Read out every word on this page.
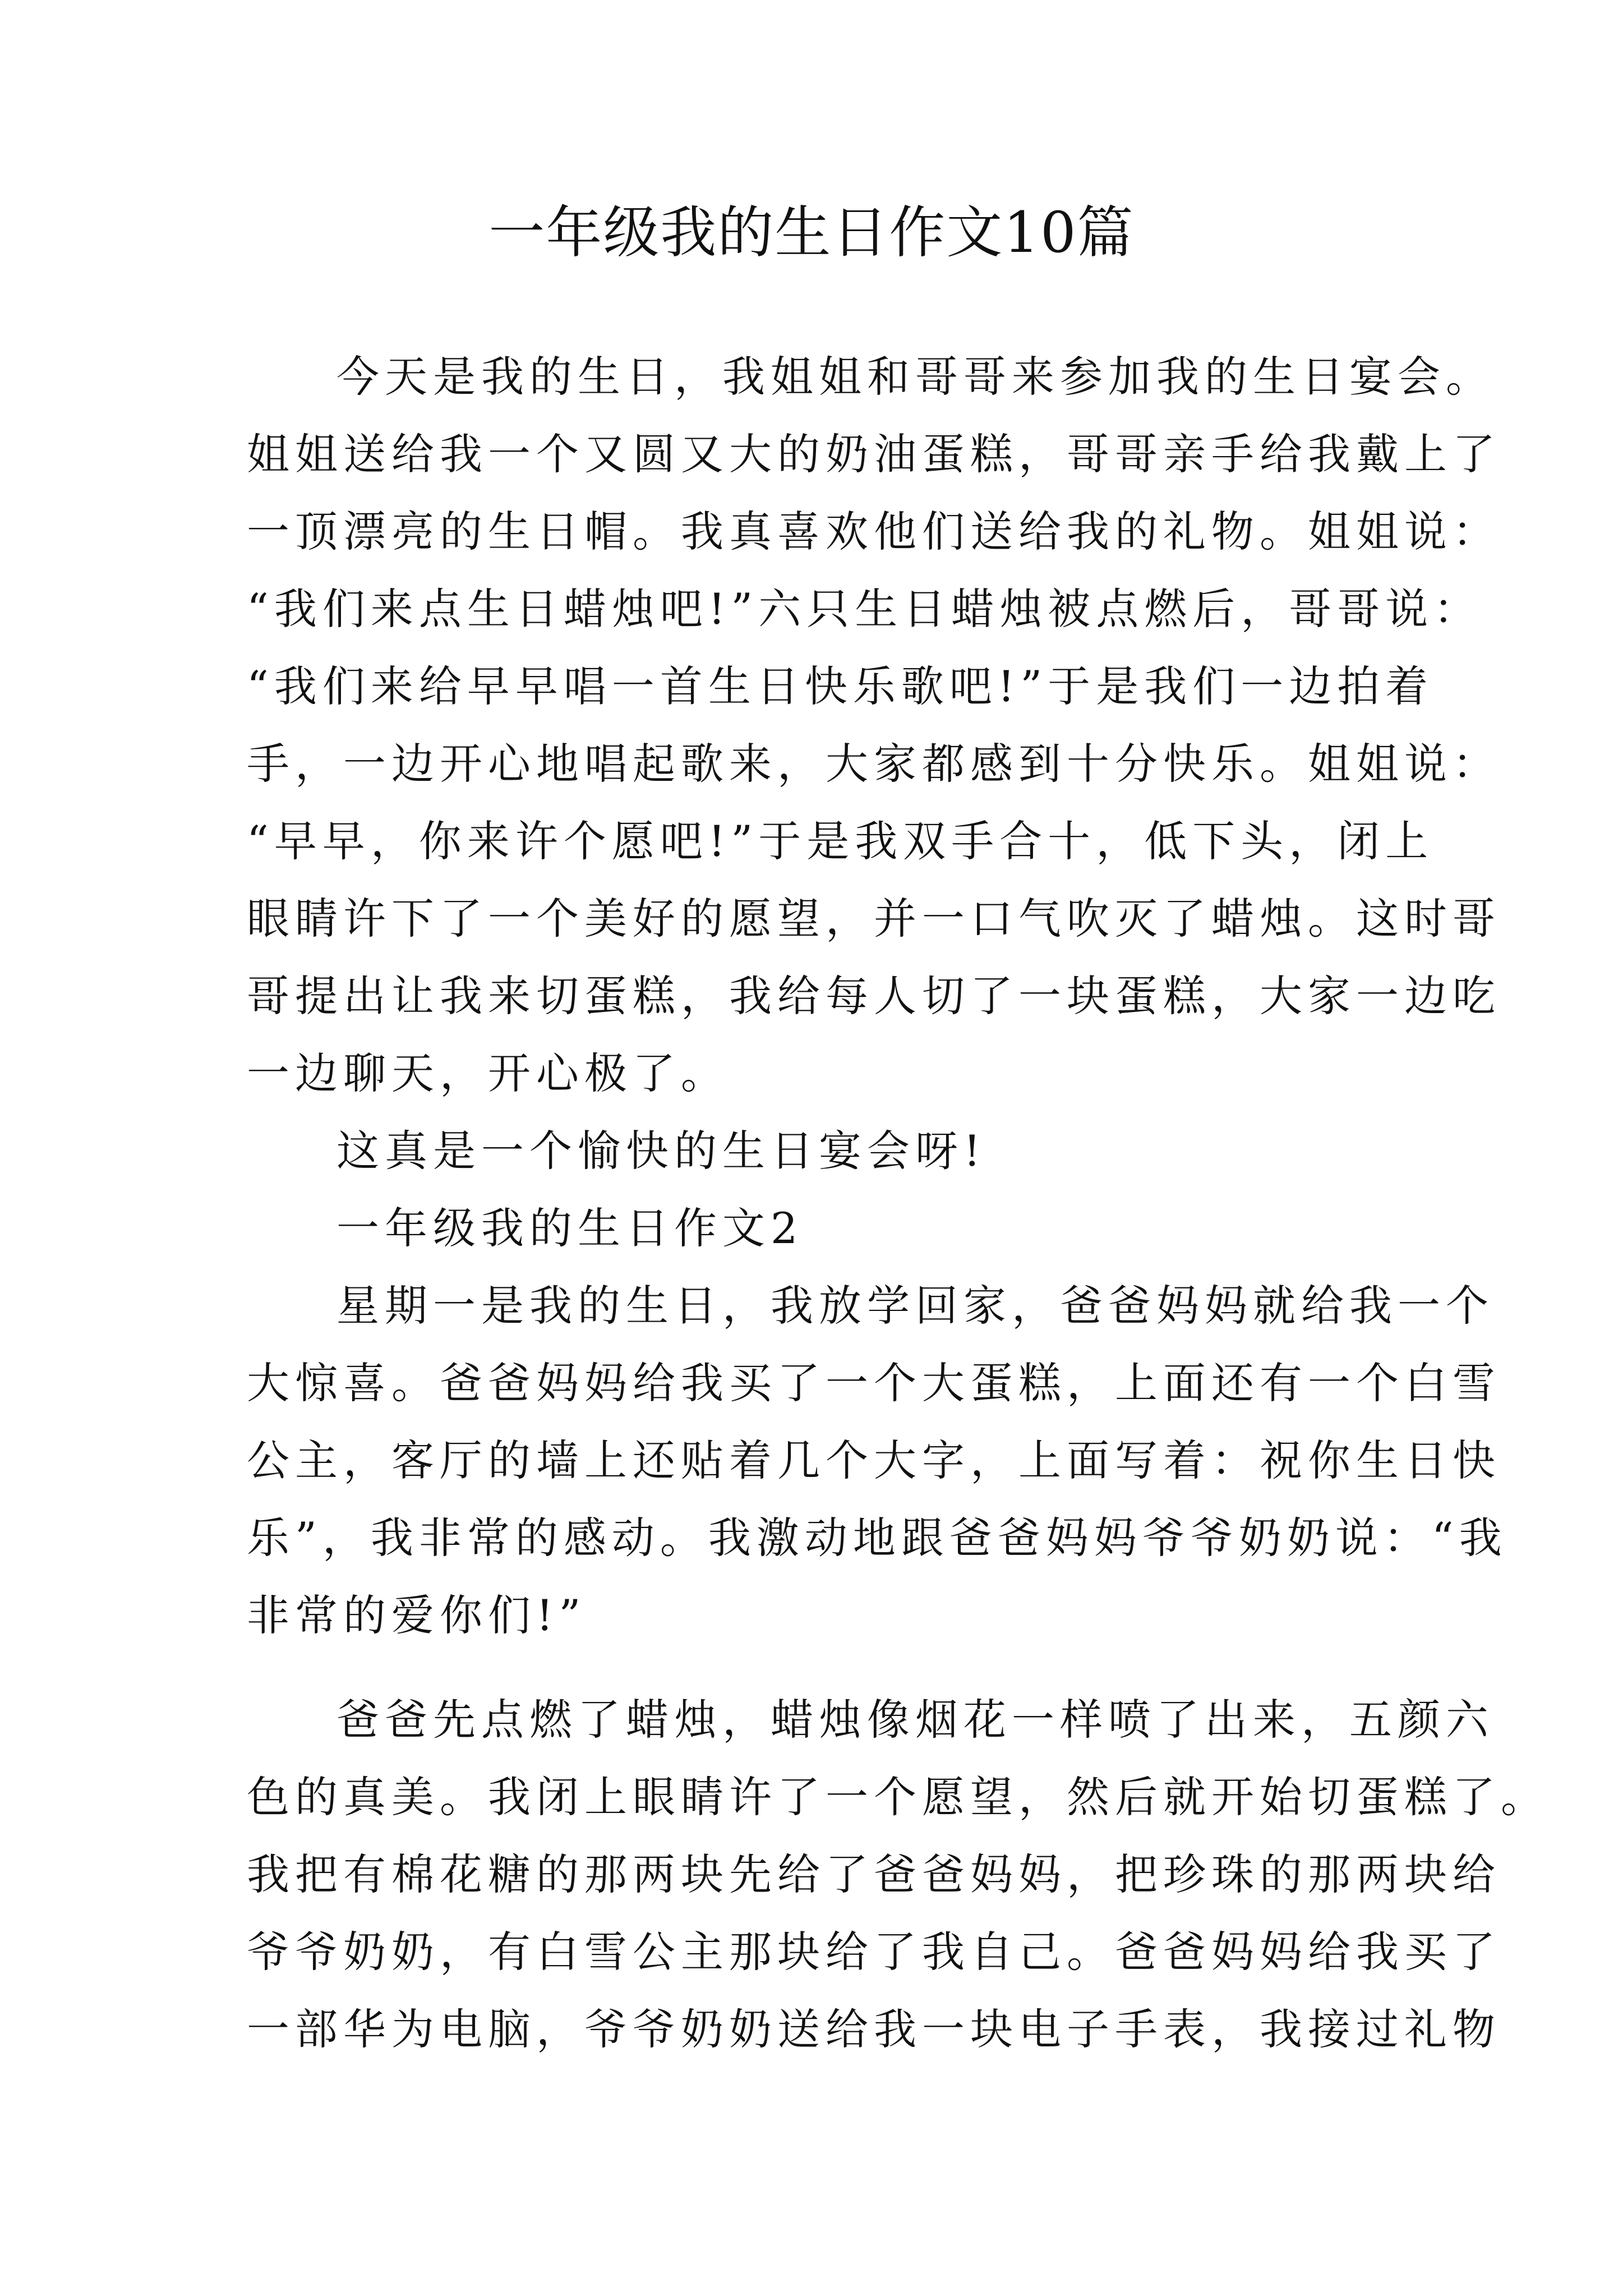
一年级我的生日作文10篇
今天是我的生日，我姐姐和哥哥来参加我的生日宴会。
姐姐送给我一个又圆又大的奶油蛋糕，哥哥亲手给我戴上了
一顶漂亮的生日帽。我真喜欢他们送给我的礼物。姐姐说：
“我们来点生日蜡烛吧!”六只生日蜡烛被点燃后，哥哥说：
“我们来给早早唱一首生日快乐歌吧!”于是我们一边拍着
手，一边开心地唱起歌来，大家都感到十分快乐。姐姐说：
“早早，你来许个愿吧!”于是我双手合十，低下头，闭上
眼睛许下了一个美好的愿望，并一口气吹灭了蜡烛。这时哥
哥提出让我来切蛋糕，我给每人切了一块蛋糕，大家一边吃
一边聊天，开心极了。
这真是一个愉快的生日宴会呀!
一年级我的生日作文2
星期一是我的生日，我放学回家，爸爸妈妈就给我一个
大惊喜。爸爸妈妈给我买了一个大蛋糕，上面还有一个白雪
公主，客厅的墙上还贴着几个大字，上面写着：祝你生日快
乐”，我非常的感动。我激动地跟爸爸妈妈爷爷奶奶说：“我
非常的爱你们!”
爸爸先点燃了蜡烛，蜡烛像烟花一样喷了出来，五颜六
色的真美。我闭上眼睛许了一个愿望，然后就开始切蛋糕了。
我把有棉花糖的那两块先给了爸爸妈妈，把珍珠的那两块给
爷爷奶奶，有白雪公主那块给了我自己。爸爸妈妈给我买了
一部华为电脑，爷爷奶奶送给我一块电子手表，我接过礼物
